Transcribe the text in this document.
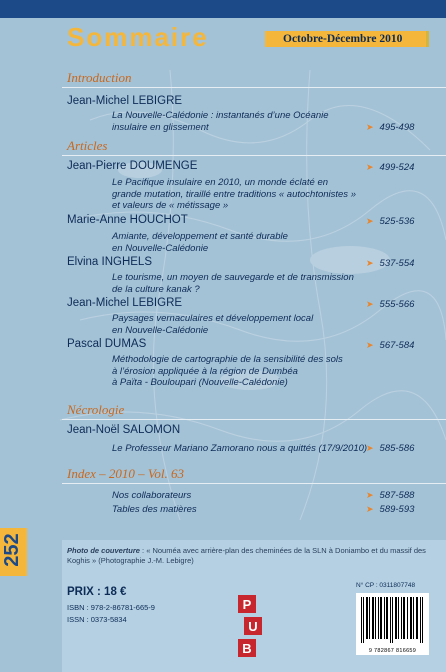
Sommaire	Octobre-Décembre 2010
Introduction
Jean-Michel LEBIGRE
La Nouvelle-Calédonie : instantanés d’une Océanie
insulaire en glissement	➤ 495-498
Articles
Jean-Pierre DOUMENGE	➤ 499-524
Le Pacifique insulaire en 2010, un monde éclaté en
grande mutation, tiraillé entre traditions « autochtonistes »
et valeurs de « métissage »
Marie-Anne HOUCHOT	➤ 525-536
Amiante, développement et santé durable
en Nouvelle-Calédonie
Elvina INGHELS	➤ 537-554
Le tourisme, un moyen de sauvegarde et de transmission
de la culture kanak ?
Jean-Michel LEBIGRE	➤ 555-566
Paysages vernaculaires et développement local
en Nouvelle-Calédonie
Pascal DUMAS	➤ 567-584
Méthodologie de cartographie de la sensibilité des sols
à l’érosion appliquée à la région de Dumbéa
à Païta - Bouloupari (Nouvelle-Calédonie)
Nécrologie
Jean-Noël SALOMON
Le Professeur Mariano Zamorano nous a quittés (17/9/2010)
➤ 585-586
Index – 2010 – Vol. 63
Nos collaborateurs	➤ 587-588
Tables des matières	➤ 589-593
252	Photo de couverture : « Nouméa avec arrière-plan des cheminées de la SLN à Doniambo et du massif des Koghis » (Photographie J.-M. Lebigre)
PRIX : 18 €
ISBN : 978-2-86781-665-9
ISSN : 0373-5834
P
U
B
N° CP : 0311807748
9 782867 816659
